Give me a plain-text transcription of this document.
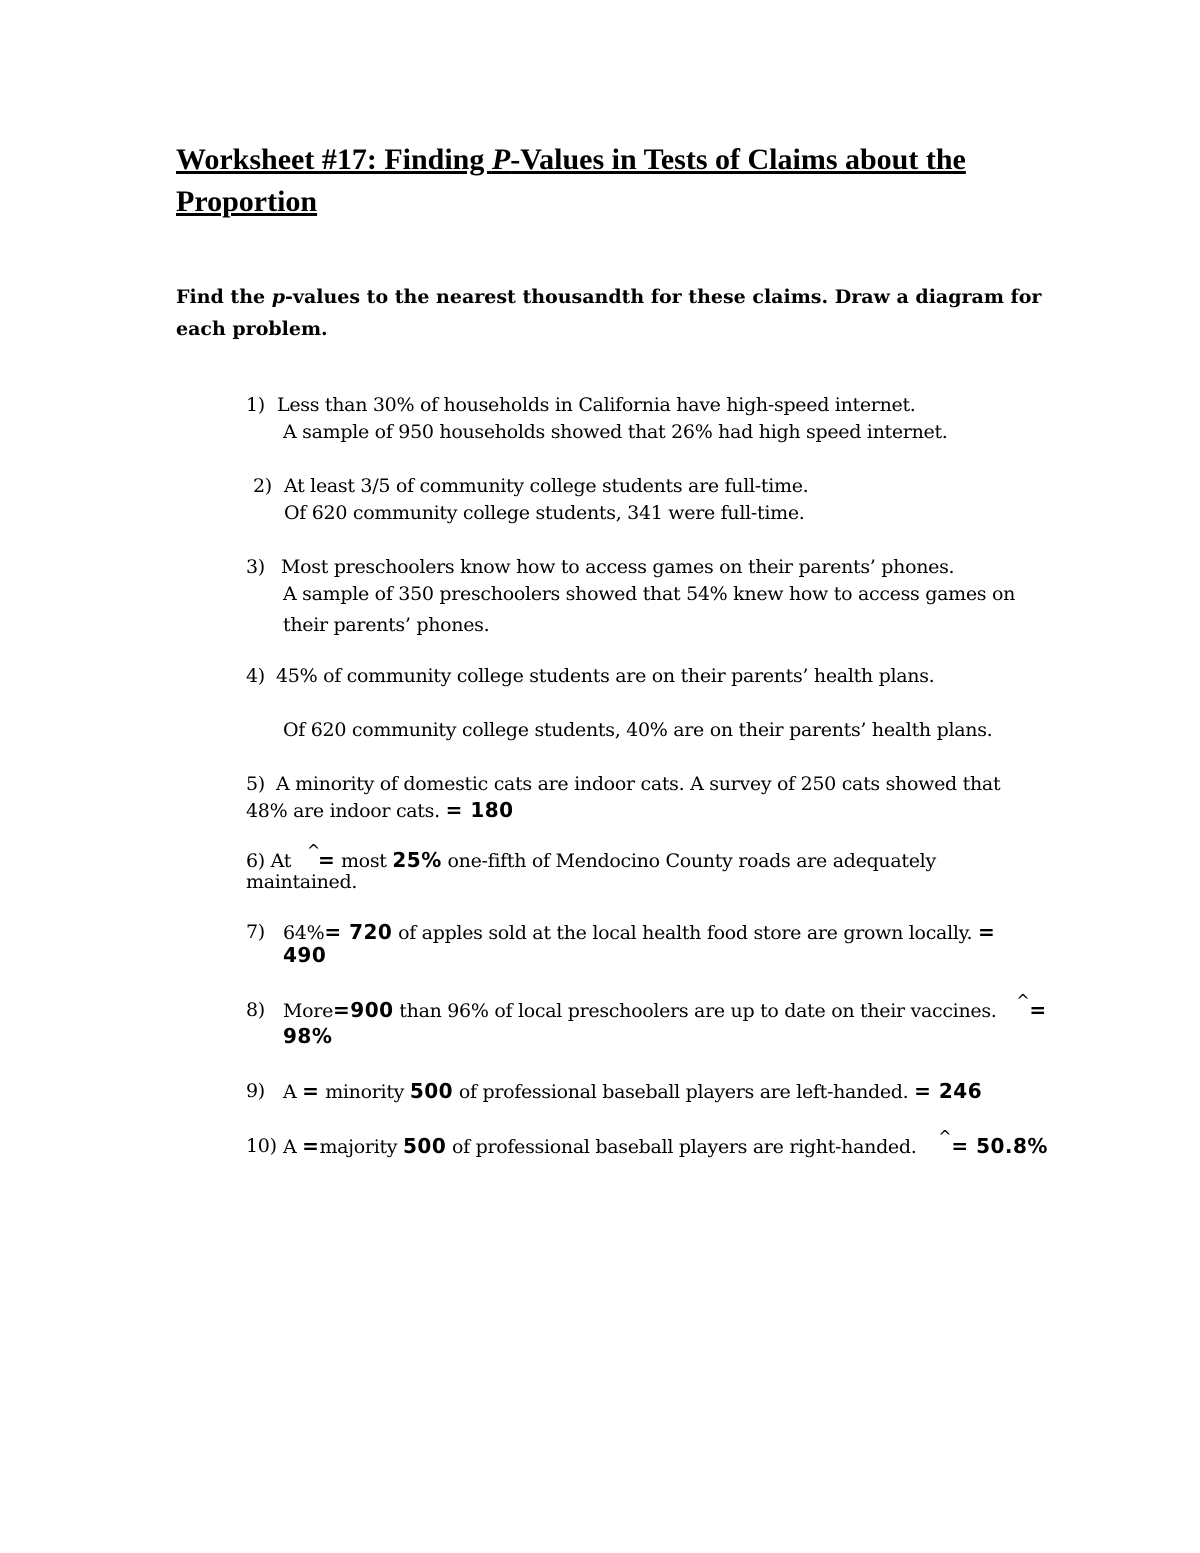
Worksheet #17: Finding P-Values in Tests of Claims about the
Proportion
Find the p-values to the nearest thousandth for these claims. Draw a diagram for
each problem.
1) Less than 30% of households in California have high-speed internet.
A sample of 950 households showed that 26% had high speed internet.
2) At least 3/5 of community college students are full-time.
Of 620 community college students, 341 were full-time.
3) Most preschoolers know how to access games on their parents’ phones.
A sample of 350 preschoolers showed that 54% knew how to access games on
their parents’ phones.
4) 45% of community college students are on their parents’ health plans.
Of 620 community college students, 40% are on their parents’ health plans.
5) A minority of domestic cats are indoor cats. A survey of 250 cats showed that
48% are indoor cats. = 180
6) At ^= most 25% one-fifth of Mendocino County roads are adequately
maintained.
7) 64%= 720 of apples sold at the local health food store are grown locally. =
490
8) More=900 than 96% of local preschoolers are up to date on their vaccines. ^=
98%
9) A = minority 500 of professional baseball players are left-handed. = 246
10) A =majority 500 of professional baseball players are right-handed. ^= 50.8%
